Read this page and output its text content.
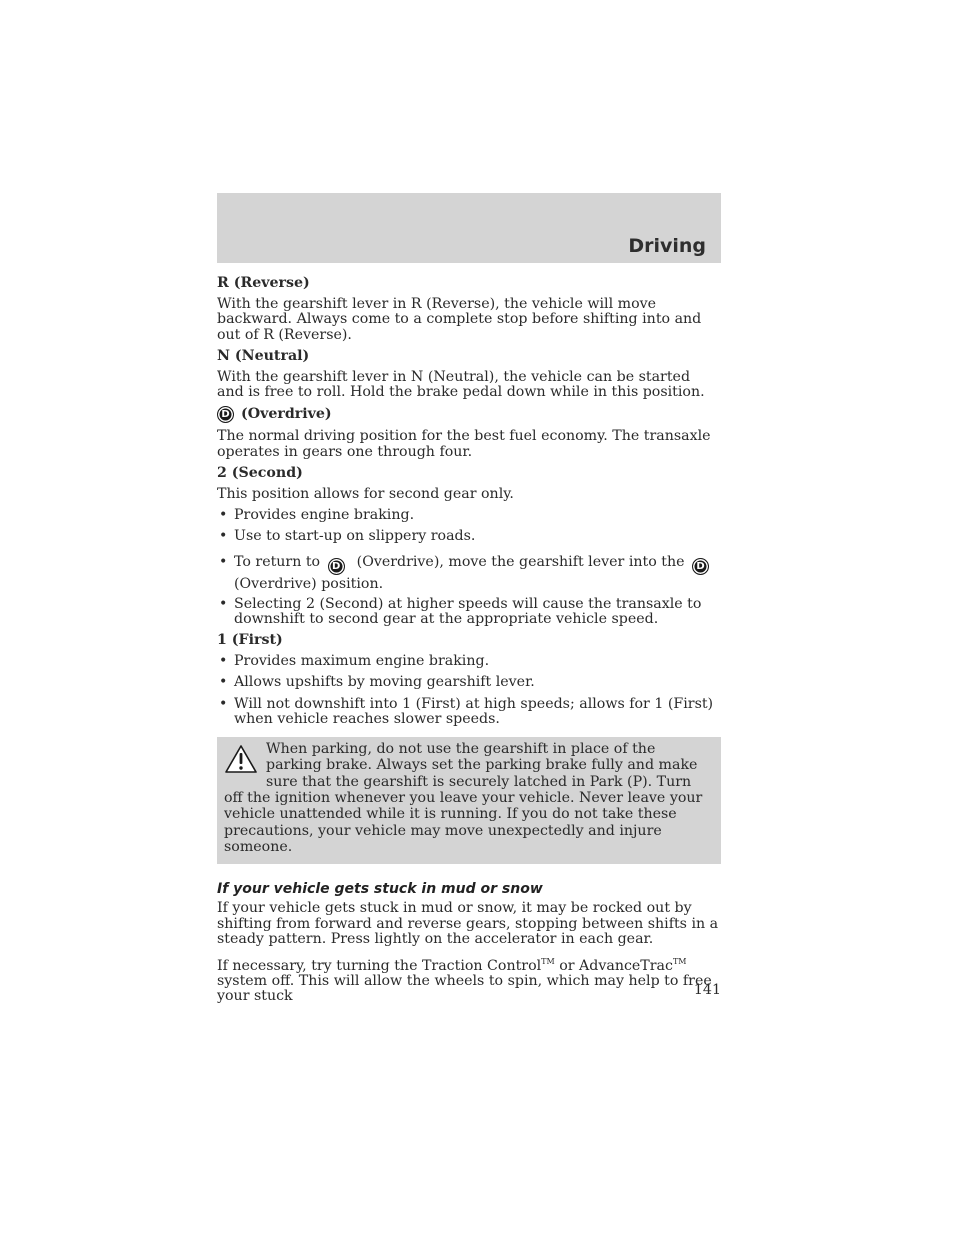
Driving
R (Reverse)
With the gearshift lever in R (Reverse), the vehicle will move backward. Always come to a complete stop before shifting into and out of R (Reverse).
N (Neutral)
With the gearshift lever in N (Neutral), the vehicle can be started and is free to roll. Hold the brake pedal down while in this position.
D (Overdrive)
The normal driving position for the best fuel economy. The transaxle operates in gears one through four.
2 (Second)
This position allows for second gear only.
• Provides engine braking.
• Use to start-up on slippery roads.
• To return to D (Overdrive), move the gearshift lever into the D (Overdrive) position.
• Selecting 2 (Second) at higher speeds will cause the transaxle to downshift to second gear at the appropriate vehicle speed.
1 (First)
• Provides maximum engine braking.
• Allows upshifts by moving gearshift lever.
• Will not downshift into 1 (First) at high speeds; allows for 1 (First) when vehicle reaches slower speeds.
When parking, do not use the gearshift in place of the parking brake. Always set the parking brake fully and make sure that the gearshift is securely latched in Park (P). Turn off the ignition whenever you leave your vehicle. Never leave your vehicle unattended while it is running. If you do not take these precautions, your vehicle may move unexpectedly and injure someone.
If your vehicle gets stuck in mud or snow
If your vehicle gets stuck in mud or snow, it may be rocked out by shifting from forward and reverse gears, stopping between shifts in a steady pattern. Press lightly on the accelerator in each gear.
If necessary, try turning the Traction Control™ or AdvanceTrac™ system off. This will allow the wheels to spin, which may help to free your stuck	141
